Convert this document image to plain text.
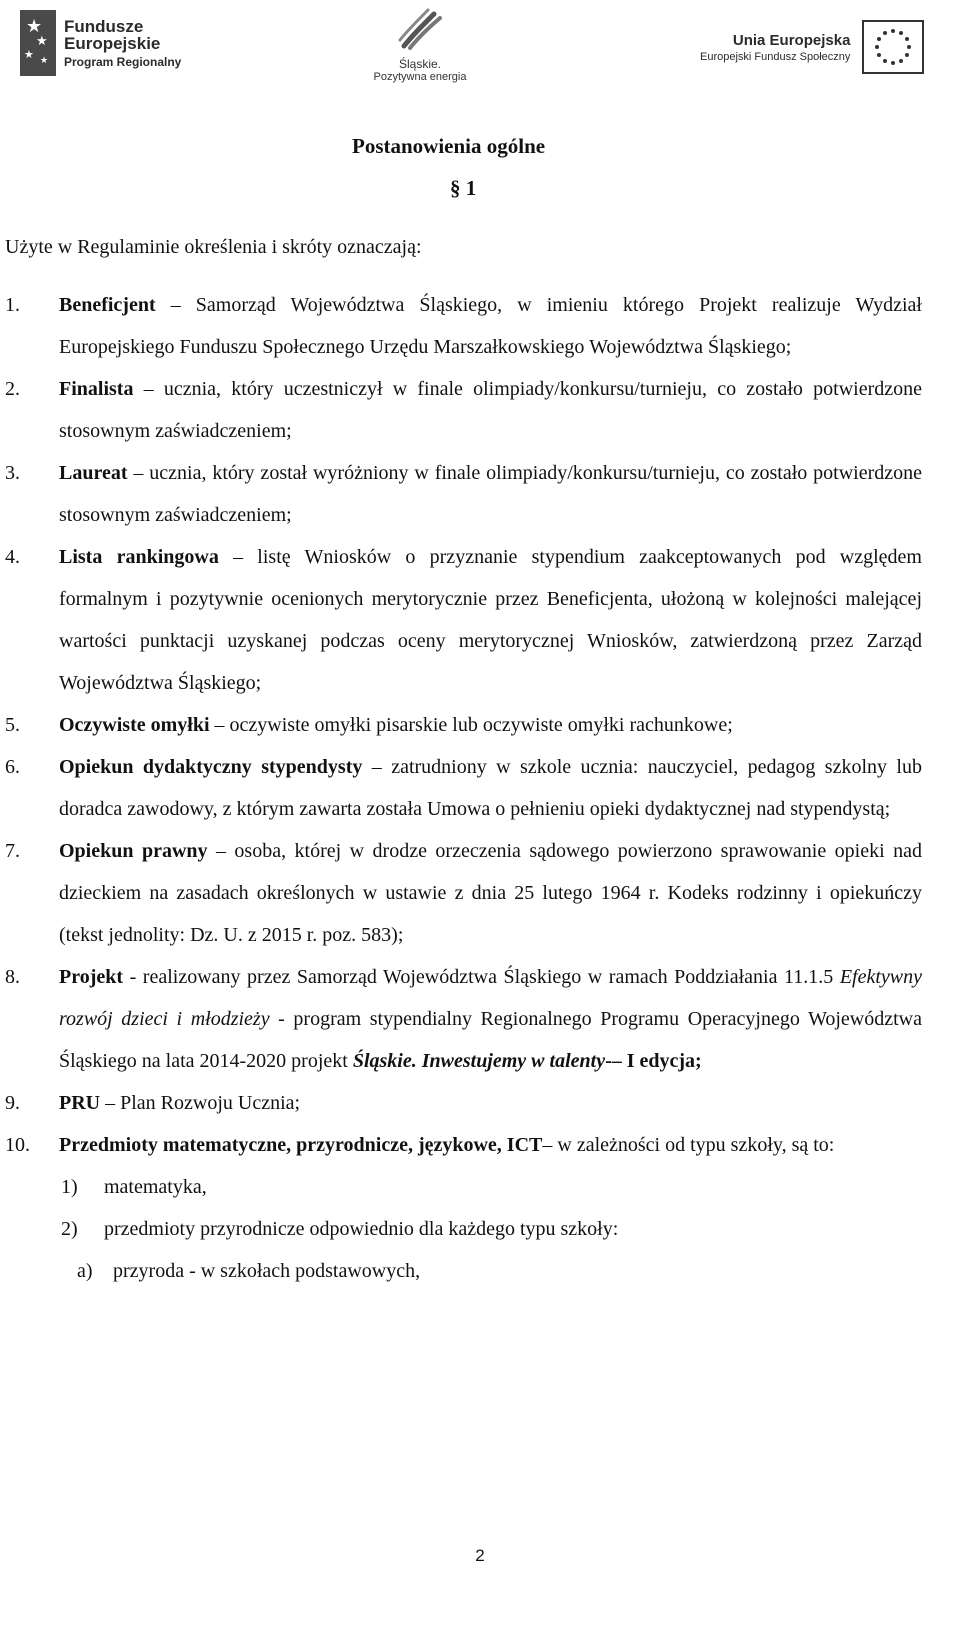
★
★
★ ★
Fundusze
Europejskie
Program Regionalny	Śląskie.
Pozytywna energia
Unia Europejska
Europejski Fundusz Społeczny
Postanowienia ogólne
§ 1
Użyte w Regulaminie określenia i skróty oznaczają:
1. Beneficjent – Samorząd Województwa Śląskiego, w imieniu którego Projekt realizuje Wydział Europejskiego Funduszu Społecznego Urzędu Marszałkowskiego Województwa Śląskiego;
2. Finalista – ucznia, który uczestniczył w finale olimpiady/konkursu/turnieju, co zostało potwierdzone stosownym zaświadczeniem;
3. Laureat – ucznia, który został wyróżniony w finale olimpiady/konkursu/turnieju, co zostało potwierdzone stosownym zaświadczeniem;
4. Lista rankingowa – listę Wniosków o przyznanie stypendium zaakceptowanych pod względem formalnym i pozytywnie ocenionych merytorycznie przez Beneficjenta, ułożoną w kolejności malejącej wartości punktacji uzyskanej podczas oceny merytorycznej Wniosków, zatwierdzoną przez Zarząd Województwa Śląskiego;
5. Oczywiste omyłki – oczywiste omyłki pisarskie lub oczywiste omyłki rachunkowe;
6. Opiekun dydaktyczny stypendysty – zatrudniony w szkole ucznia: nauczyciel, pedagog szkolny lub doradca zawodowy, z którym zawarta została Umowa o pełnieniu opieki dydaktycznej nad stypendystą;
7. Opiekun prawny – osoba, której w drodze orzeczenia sądowego powierzono sprawowanie opieki nad dzieckiem na zasadach określonych w ustawie z dnia 25 lutego 1964 r. Kodeks rodzinny i opiekuńczy (tekst jednolity: Dz. U. z 2015 r. poz. 583);
8. Projekt - realizowany przez Samorząd Województwa Śląskiego w ramach Poddziałania 11.1.5 Efektywny rozwój dzieci i młodzieży - program stypendialny Regionalnego Programu Operacyjnego Województwa Śląskiego na lata 2014-2020 projekt Śląskie. Inwestujemy w talenty-– I edycja;
9. PRU – Plan Rozwoju Ucznia;
10. Przedmioty matematyczne, przyrodnicze, językowe, ICT– w zależności od typu szkoły, są to:
1) matematyka,
2) przedmioty przyrodnicze odpowiednio dla każdego typu szkoły:
a) przyroda - w szkołach podstawowych,
2
